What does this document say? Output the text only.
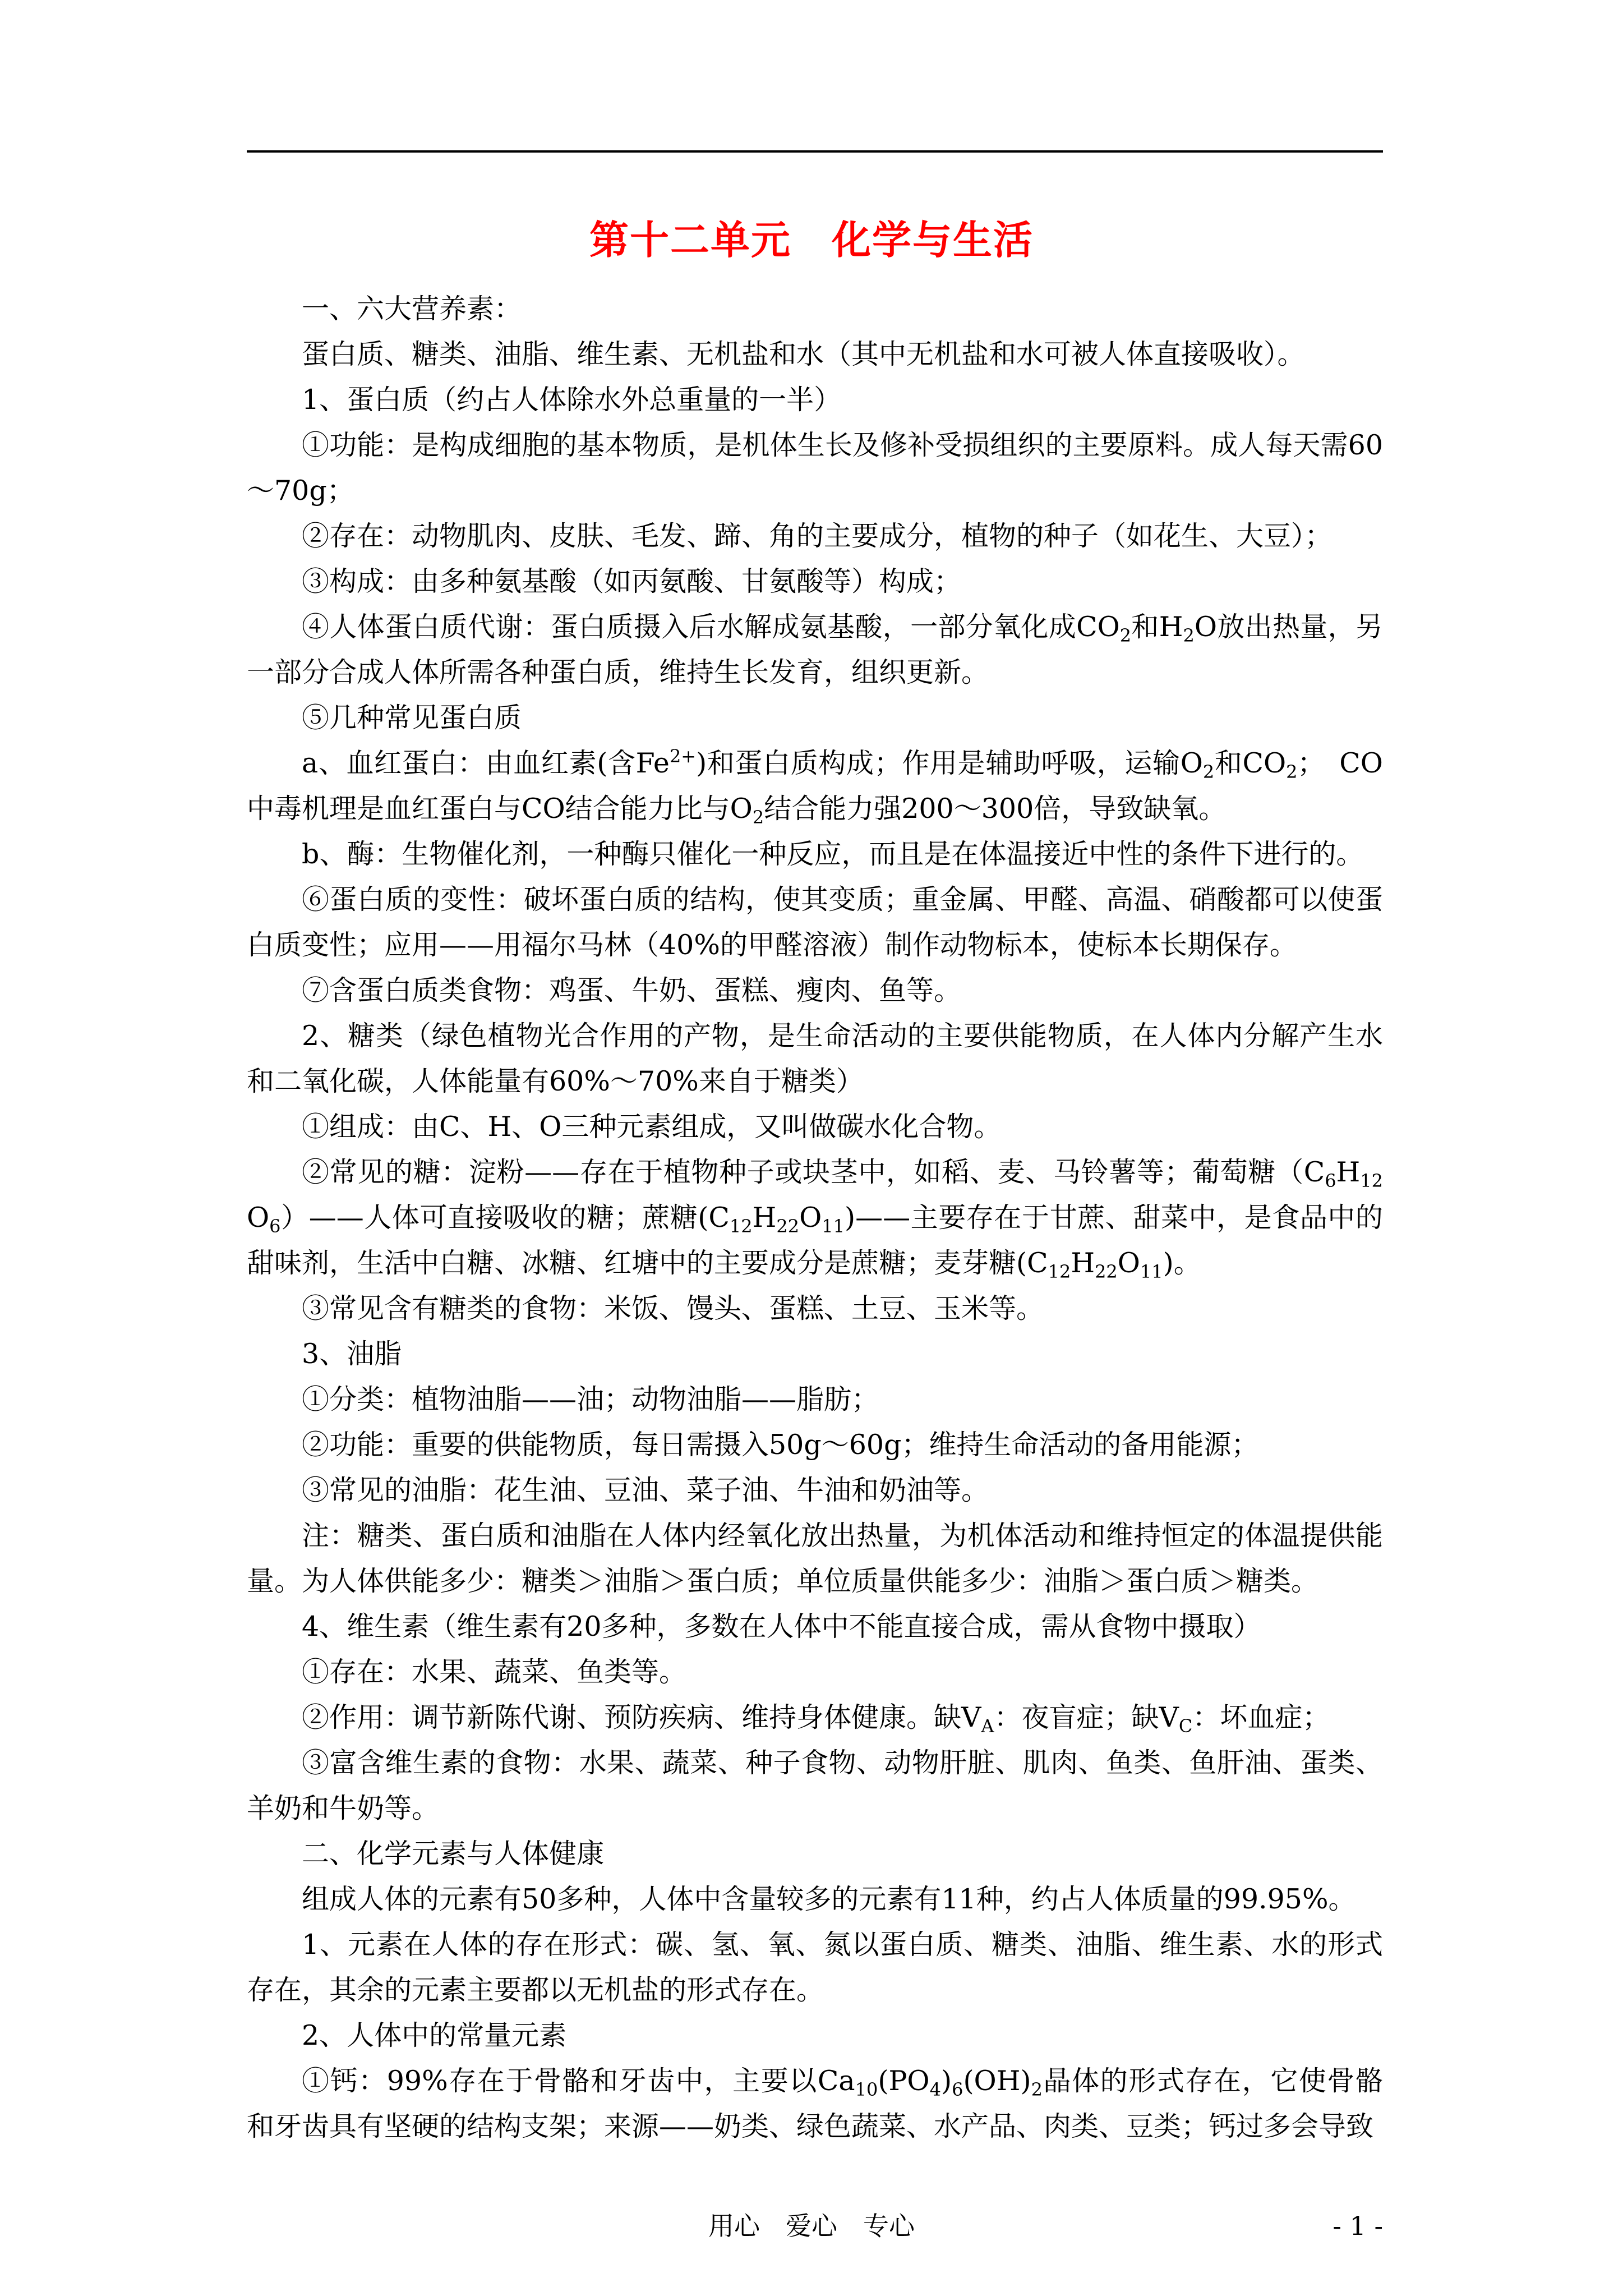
第十二单元　化学与生活

一、六大营养素：

蛋白质、糖类、油脂、维生素、无机盐和水（其中无机盐和水可被人体直接吸收）。

1、蛋白质（约占人体除水外总重量的一半）

①功能：是构成细胞的基本物质，是机体生长及修补受损组织的主要原料。成人每天需60～70g；

②存在：动物肌肉、皮肤、毛发、蹄、角的主要成分，植物的种子（如花生、大豆）；

③构成：由多种氨基酸（如丙氨酸、甘氨酸等）构成；

④人体蛋白质代谢：蛋白质摄入后水解成氨基酸，一部分氧化成$CO_2$和$H_2O$放出热量，另一部分合成人体所需各种蛋白质，维持生长发育，组织更新。

⑤几种常见蛋白质

a、血红蛋白：由血红素(含$Fe^{2+}$)和蛋白质构成；作用是辅助呼吸，运输$O_2$和$CO_2$；　CO中毒机理是血红蛋白与CO结合能力比与$O_2$结合能力强200～300倍，导致缺氧。

b、酶：生物催化剂，一种酶只催化一种反应，而且是在体温接近中性的条件下进行的。

⑥蛋白质的变性：破坏蛋白质的结构，使其变质；重金属、甲醛、高温、硝酸都可以使蛋白质变性；应用——用福尔马林（40%的甲醛溶液）制作动物标本，使标本长期保存。

⑦含蛋白质类食物：鸡蛋、牛奶、蛋糕、瘦肉、鱼等。

2、糖类（绿色植物光合作用的产物，是生命活动的主要供能物质，在人体内分解产生水和二氧化碳，人体能量有60%～70%来自于糖类）

①组成：由C、H、O三种元素组成，又叫做碳水化合物。

②常见的糖：淀粉——存在于植物种子或块茎中，如稻、麦、马铃薯等；葡萄糖$(C_6H_{12}O_6)——$人体可直接吸收的糖；蔗糖$(C_{12}H_{22}O_{11})——$主要存在于甘蔗、甜菜中，是食品中的甜味剂，生活中白糖、冰糖、红塘中的主要成分是蔗糖；麦芽糖$(C_{12}H_{22}O_{11})$。

③常见含有糖类的食物：米饭、馒头、蛋糕、土豆、玉米等。

3、油脂

①分类：植物油脂——油；动物油脂——脂肪；

②功能：重要的供能物质，每日需摄入50g～60g；维持生命活动的备用能源；

③常见的油脂：花生油、豆油、菜子油、牛油和奶油等。

注：糖类、蛋白质和油脂在人体内经氧化放出热量，为机体活动和维持恒定的体温提供能量。为人体供能多少：糖类＞油脂＞蛋白质；单位质量供能多少：油脂＞蛋白质＞糖类。

4、维生素（维生素有20多种，多数在人体中不能直接合成，需从食物中摄取）

①存在：水果、蔬菜、鱼类等。

②作用：调节新陈代谢、预防疾病、维持身体健康。缺$V_A$：夜盲症；缺$V_C$：坏血症；

③富含维生素的食物：水果、蔬菜、种子食物、动物肝脏、肌肉、鱼类、鱼肝油、蛋类、羊奶和牛奶等。

二、化学元素与人体健康

组成人体的元素有50多种，人体中含量较多的元素有11种，约占人体质量的99.95%。

1、元素在人体的存在形式：碳、氢、氧、氮以蛋白质、糖类、油脂、维生素、水的形式存在，其余的元素主要都以无机盐的形式存在。

2、人体中的常量元素

①钙：99%存在于骨骼和牙齿中，主要以$Ca_{10}(PO_4)_6(OH)_2$晶体的形式存在，它使骨骼和牙齿具有坚硬的结构支架；来源——奶类、绿色蔬菜、水产品、肉类、豆类；钙过多会导致

用心　爱心　专心	- 1 -
